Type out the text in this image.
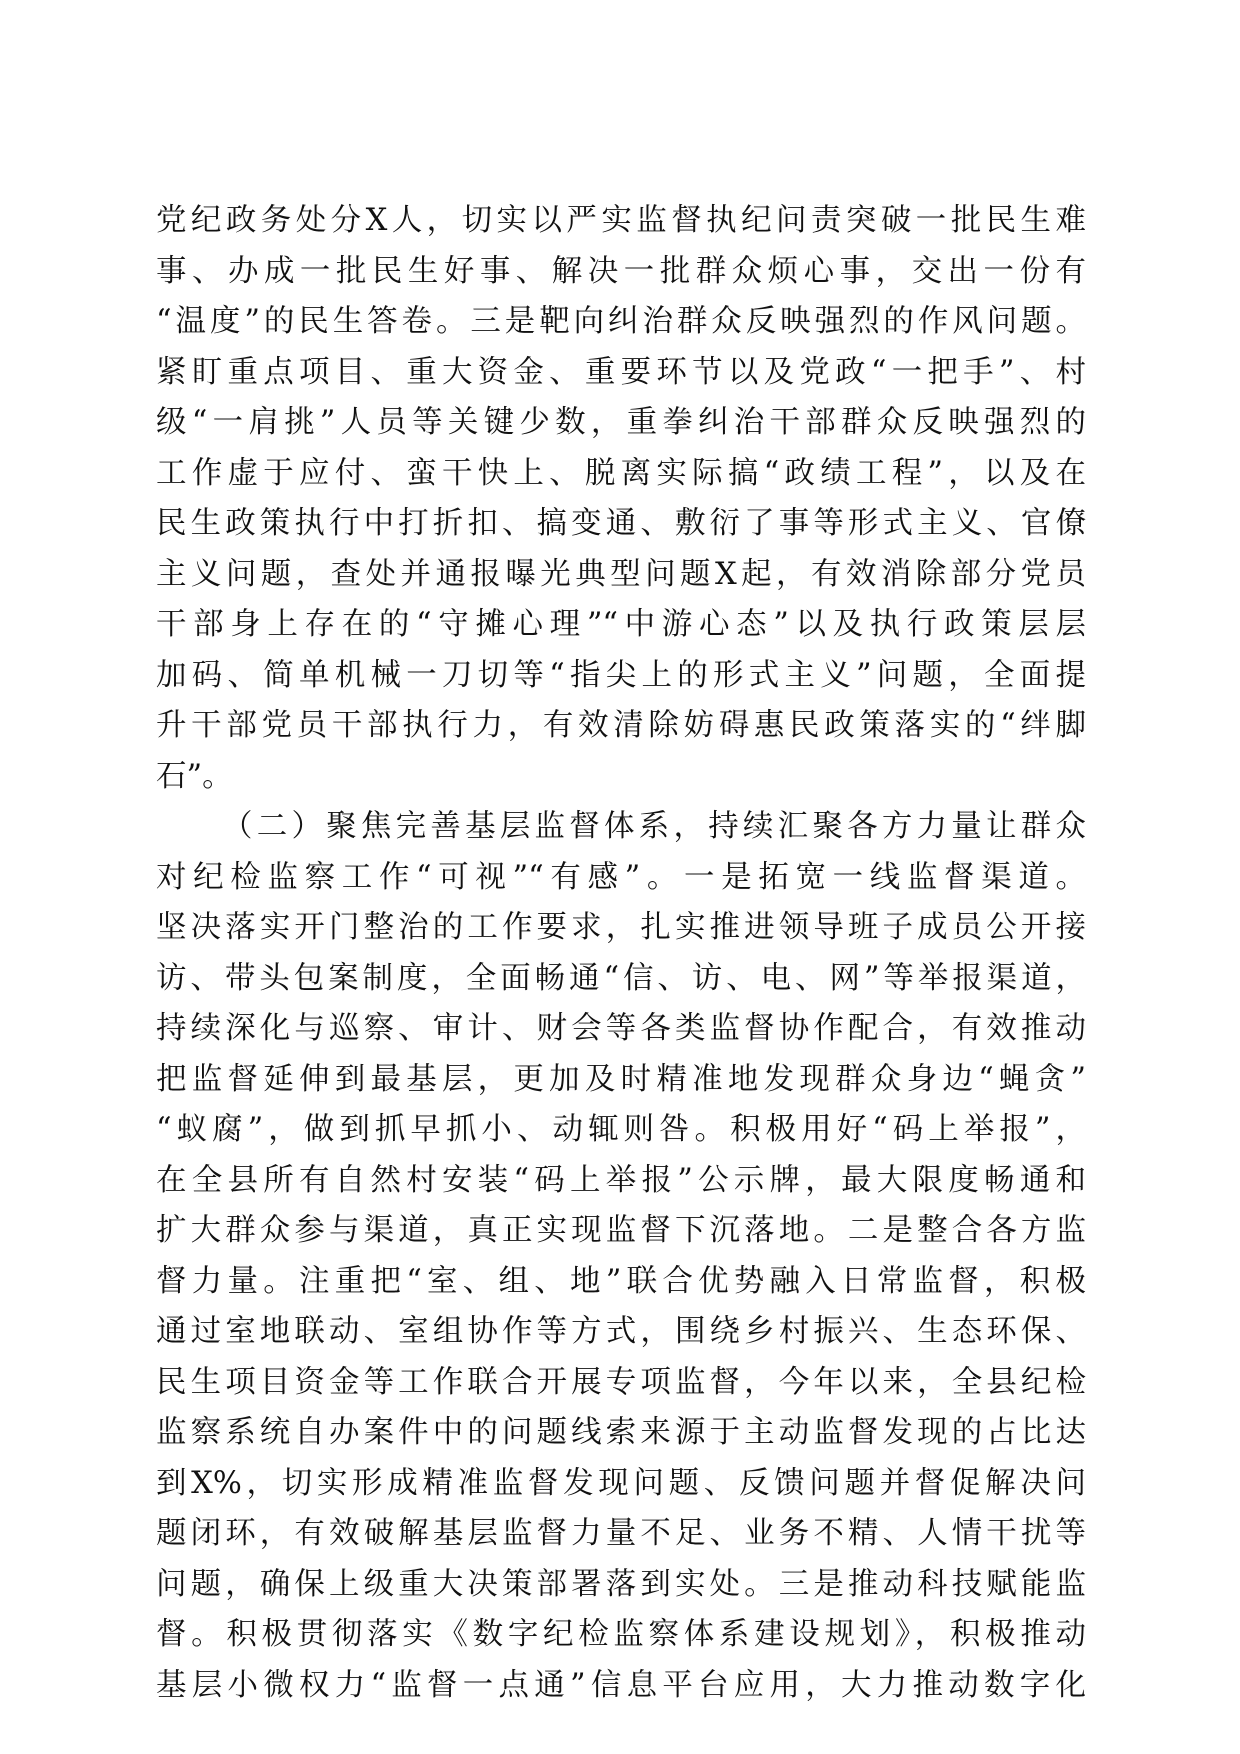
党纪政务处分X人，切实以严实监督执纪问责突破一批民生难
事、办成一批民生好事、解决一批群众烦心事，交出一份有
“温度”的民生答卷。三是靶向纠治群众反映强烈的作风问题。
紧盯重点项目、重大资金、重要环节以及党政“一把手”、村
级“一肩挑”人员等关键少数，重拳纠治干部群众反映强烈的
工作虚于应付、蛮干快上、脱离实际搞“政绩工程”，以及在
民生政策执行中打折扣、搞变通、敷衍了事等形式主义、官僚
主义问题，查处并通报曝光典型问题X起，有效消除部分党员
干部身上存在的“守摊心理”“中游心态”以及执行政策层层
加码、简单机械一刀切等“指尖上的形式主义”问题，全面提
升干部党员干部执行力，有效清除妨碍惠民政策落实的“绊脚
石”。
（二）聚焦完善基层监督体系，持续汇聚各方力量让群众
对纪检监察工作“可视”“有感”。一是拓宽一线监督渠道。
坚决落实开门整治的工作要求，扎实推进领导班子成员公开接
访、带头包案制度，全面畅通“信、访、电、网”等举报渠道，
持续深化与巡察、审计、财会等各类监督协作配合，有效推动
把监督延伸到最基层，更加及时精准地发现群众身边“蝇贪”
“蚁腐”，做到抓早抓小、动辄则咎。积极用好“码上举报”，
在全县所有自然村安装“码上举报”公示牌，最大限度畅通和
扩大群众参与渠道，真正实现监督下沉落地。二是整合各方监
督力量。注重把“室、组、地”联合优势融入日常监督，积极
通过室地联动、室组协作等方式，围绕乡村振兴、生态环保、
民生项目资金等工作联合开展专项监督，今年以来，全县纪检
监察系统自办案件中的问题线索来源于主动监督发现的占比达
到X%，切实形成精准监督发现问题、反馈问题并督促解决问
题闭环，有效破解基层监督力量不足、业务不精、人情干扰等
问题，确保上级重大决策部署落到实处。三是推动科技赋能监
督。积极贯彻落实《数字纪检监察体系建设规划》，积极推动
基层小微权力“监督一点通”信息平台应用，大力推动数字化
